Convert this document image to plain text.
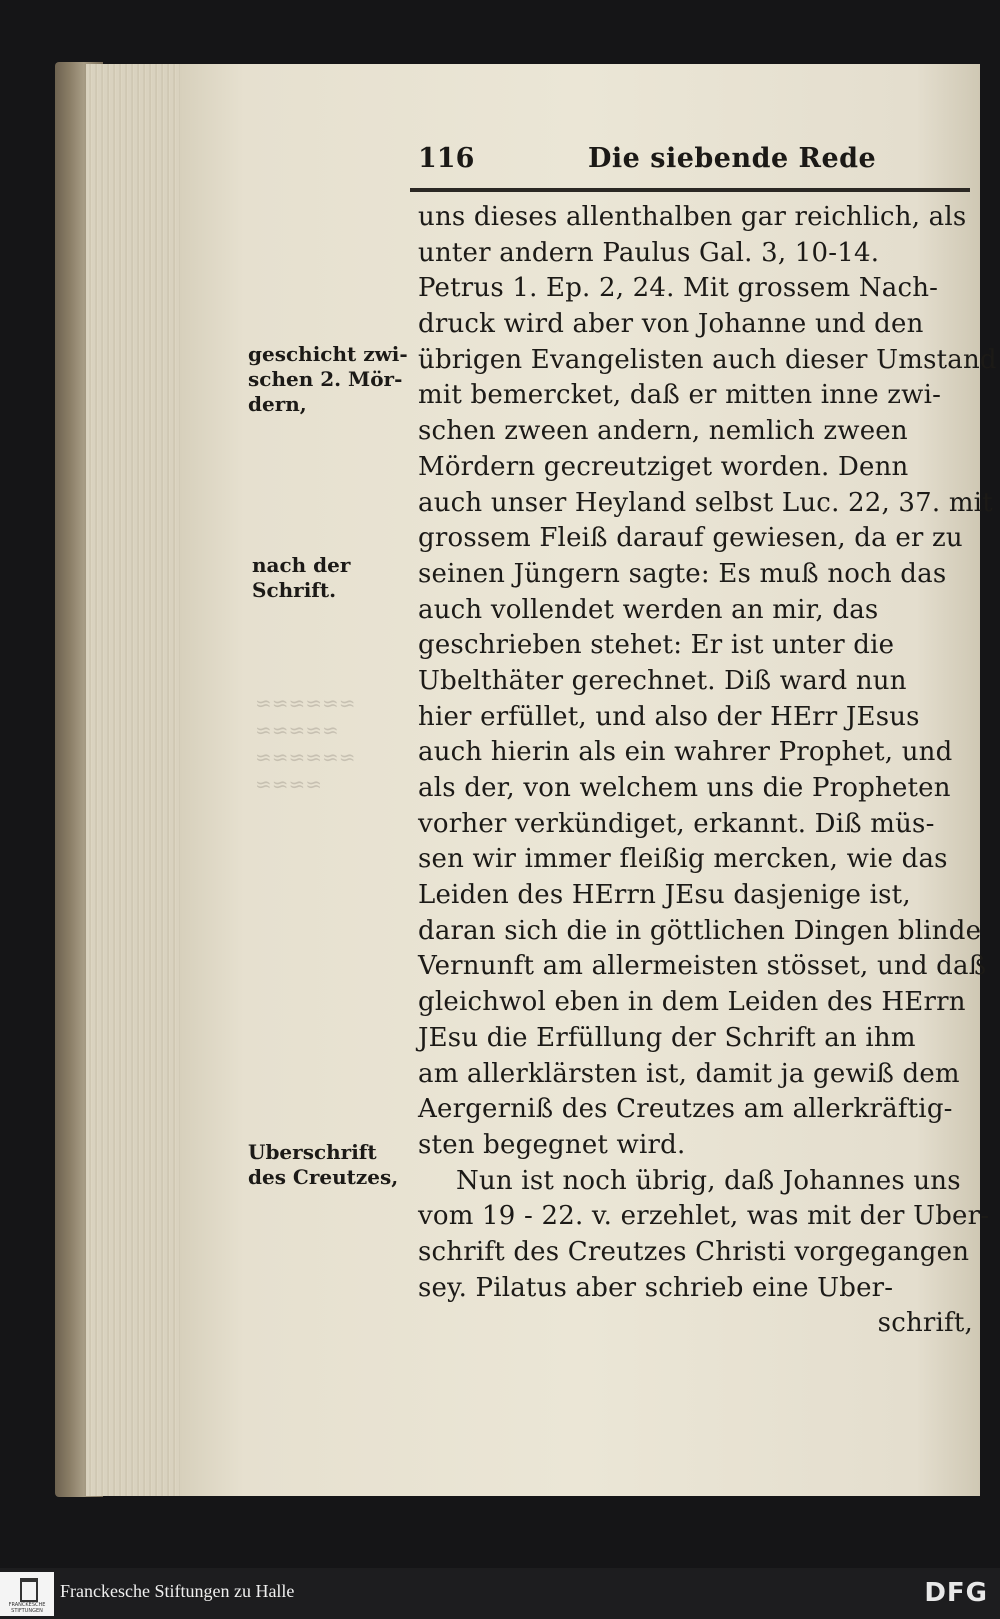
≈≈≈≈≈≈
≈≈≈≈≈
≈≈≈≈≈≈
≈≈≈≈
116	Die siebende Rede
uns dieses allenthalben gar reichlich, als
unter andern Paulus Gal. 3, 10-14.
Petrus 1. Ep. 2, 24. Mit grossem Nach-
druck wird aber von Johanne und den
übrigen Evangelisten auch dieser Umstand
mit bemercket, daß er mitten inne zwi-
schen zween andern, nemlich zween
Mördern gecreutziget worden. Denn
auch unser Heyland selbst Luc. 22, 37. mit
grossem Fleiß darauf gewiesen, da er zu
seinen Jüngern sagte: Es muß noch das
auch vollendet werden an mir, das
geschrieben stehet: Er ist unter die
Ubelthäter gerechnet. Diß ward nun
hier erfüllet, und also der HErr JEsus
auch hierin als ein wahrer Prophet, und
als der, von welchem uns die Propheten
vorher verkündiget, erkannt. Diß müs-
sen wir immer fleißig mercken, wie das
Leiden des HErrn JEsu dasjenige ist,
daran sich die in göttlichen Dingen blinde
Vernunft am allermeisten stösset, und daß
gleichwol eben in dem Leiden des HErrn
JEsu die Erfüllung der Schrift an ihm
am allerklärsten ist, damit ja gewiß dem
Aergerniß des Creutzes am allerkräftig-
sten begegnet wird.
Nun ist noch übrig, daß Johannes uns
vom 19 - 22. v. erzehlet, was mit der Uber-
schrift des Creutzes Christi vorgegangen
sey. Pilatus aber schrieb eine Uber-
schrift,
geschicht zwi-
schen 2. Mör-
dern,
nach der
Schrift.
Uberschrift
des Creutzes,
FRANCKESCHE STIFTUNGEN
Franckesche Stiftungen zu Halle	DFG
